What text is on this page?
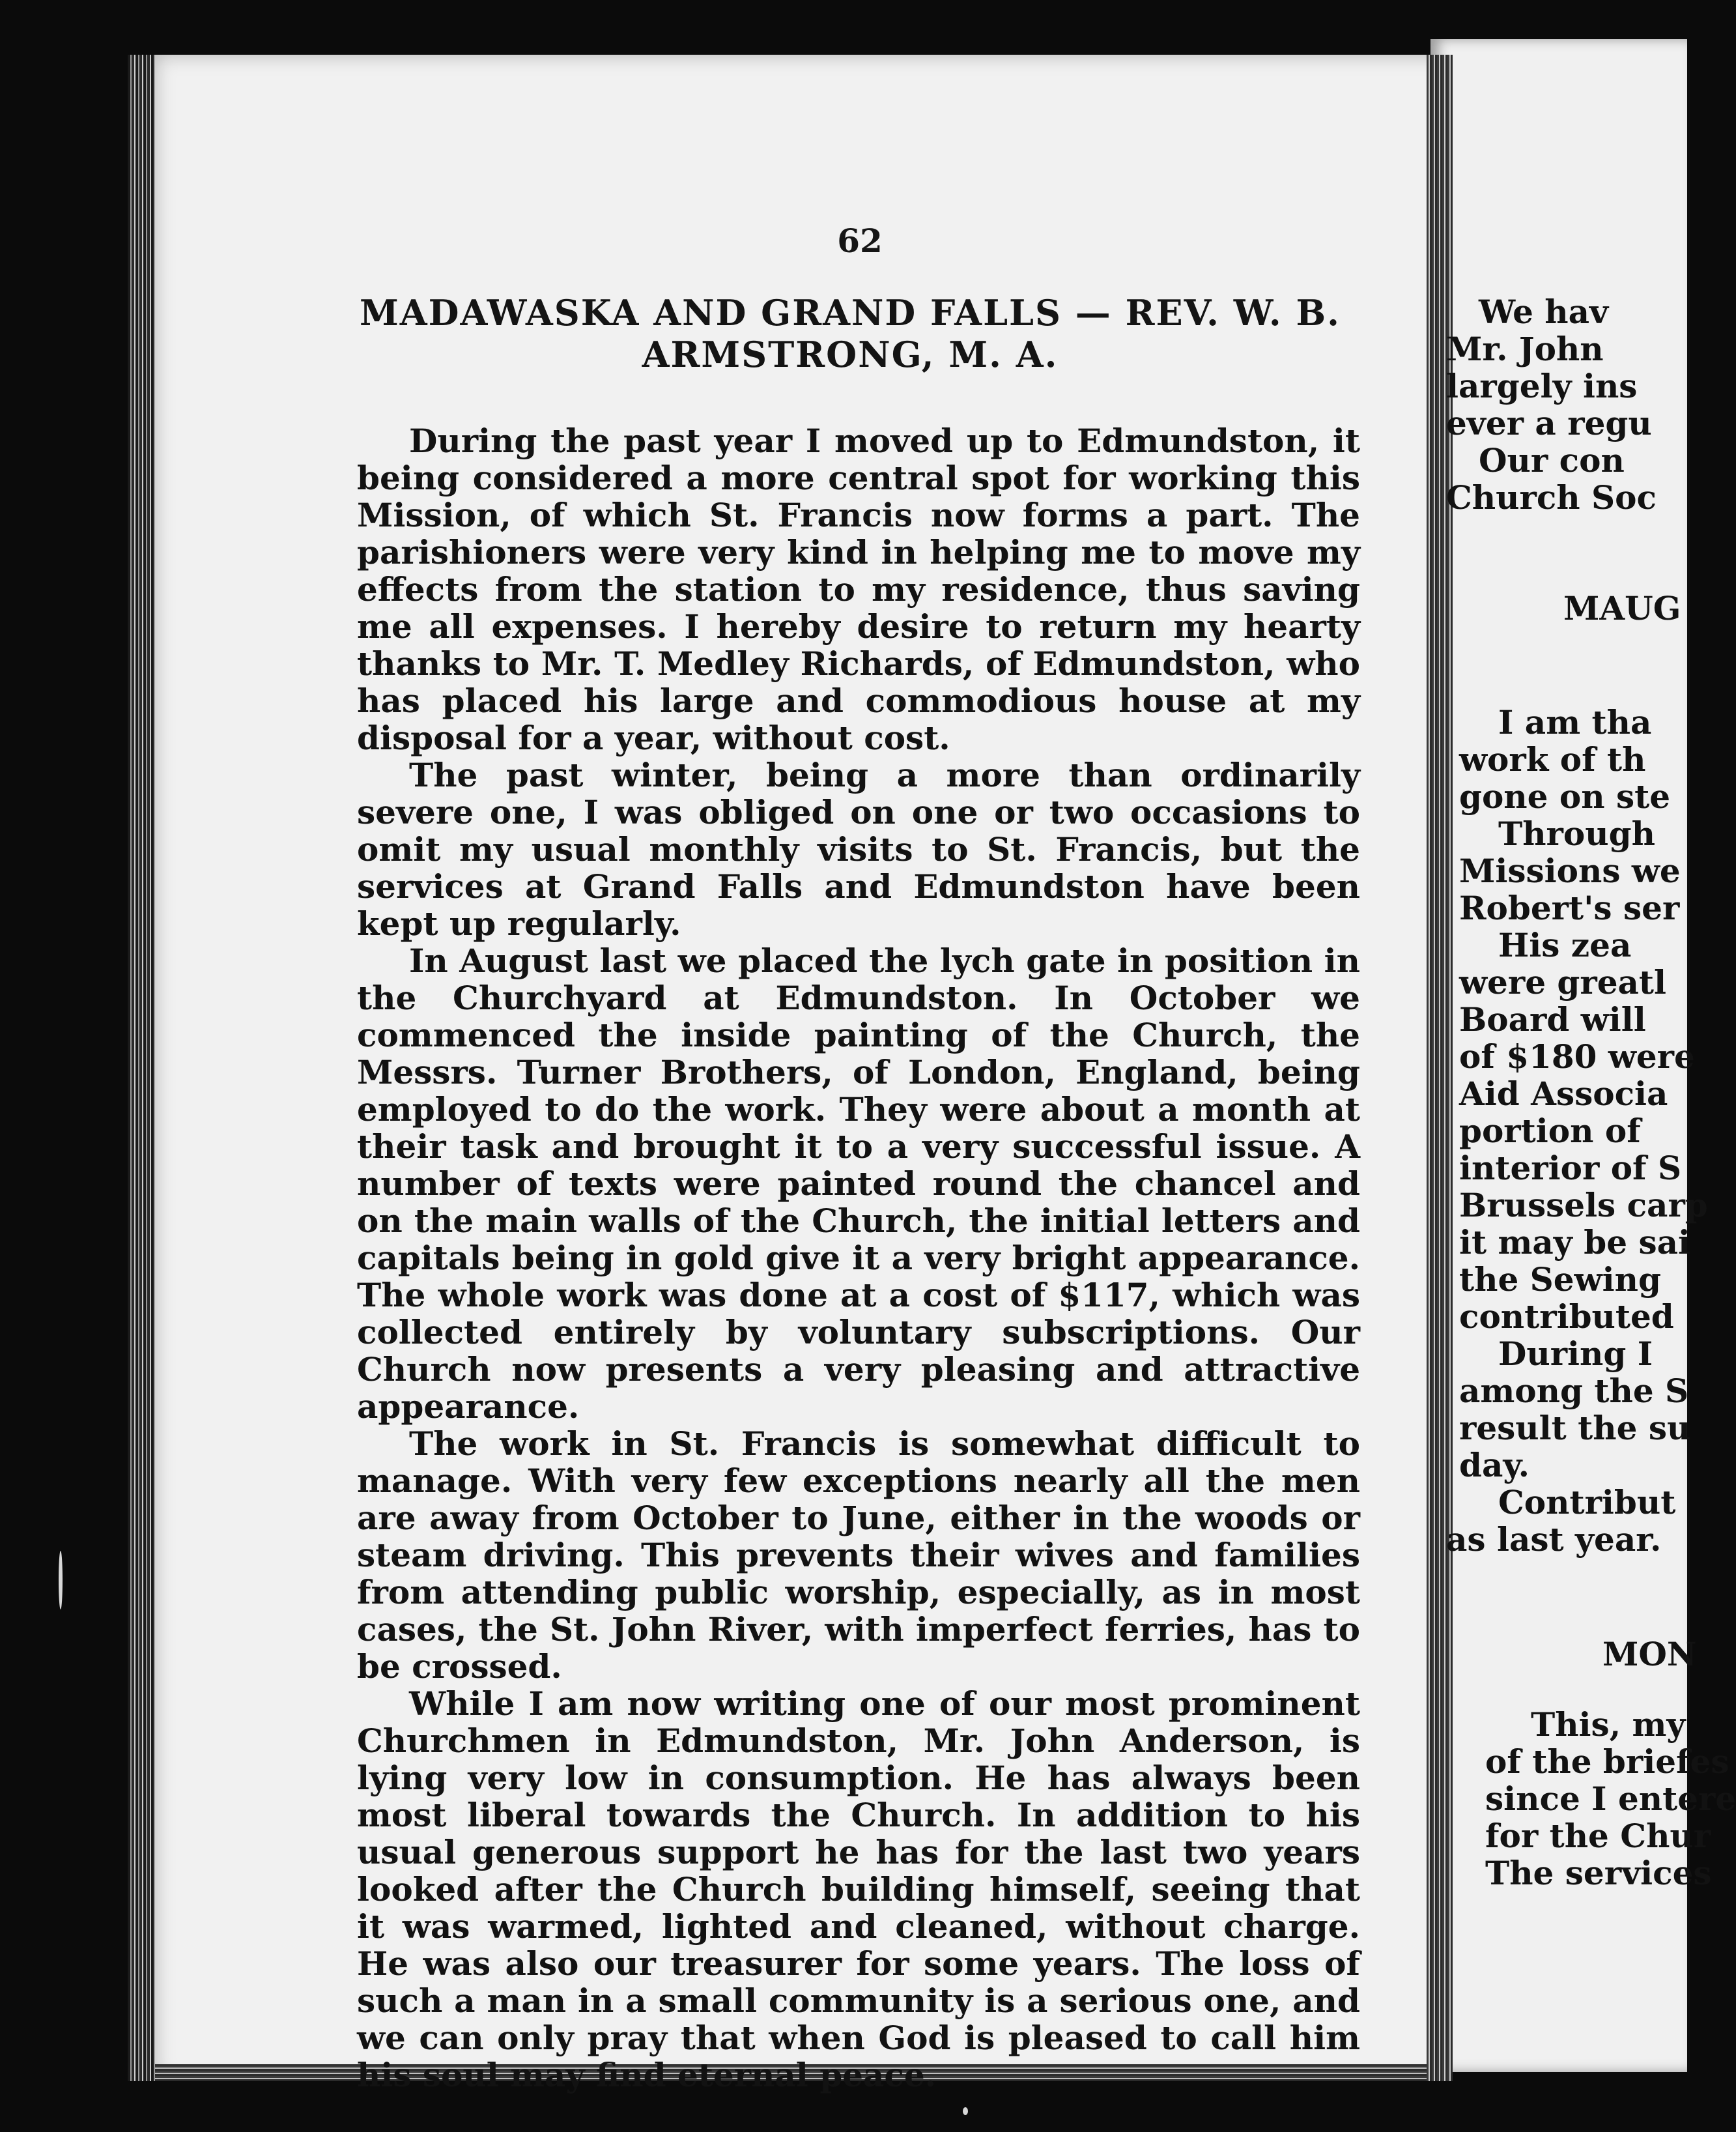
62
MADAWASKA AND GRAND FALLS — REV. W. B.
ARMSTRONG, M. A.

During the past year I moved up to Edmundston, it being considered a more central spot for working this Mission, of which St. Francis now forms a part. The parishioners were very kind in helping me to move my effects from the station to my residence, thus saving me all expenses. I hereby desire to return my hearty thanks to Mr. T. Medley Richards, of Edmundston, who has placed his large and commodious house at my disposal for a year, without cost.

The past winter, being a more than ordinarily severe one, I was obliged on one or two occasions to omit my usual monthly visits to St. Francis, but the services at Grand Falls and Edmundston have been kept up regularly.

In August last we placed the lych gate in position in the Churchyard at Edmundston. In October we commenced the inside painting of the Church, the Messrs. Turner Brothers, of London, England, being employed to do the work. They were about a month at their task and brought it to a very successful issue. A number of texts were painted round the chancel and on the main walls of the Church, the initial letters and capitals being in gold give it a very bright appearance. The whole work was done at a cost of $117, which was collected entirely by voluntary subscriptions. Our Church now presents a very pleasing and attractive appearance.

The work in St. Francis is somewhat difficult to manage. With very few exceptions nearly all the men are away from October to June, either in the woods or steam driving. This prevents their wives and families from attending public worship, especially, as in most cases, the St. John River, with imperfect ferries, has to be crossed.

While I am now writing one of our most prominent Churchmen in Edmundston, Mr. John Anderson, is lying very low in consumption. He has always been most liberal towards the Church. In addition to his usual generous support he has for the last two years looked after the Church building himself, seeing that it was warmed, lighted and cleaned, without charge. He was also our treasurer for some years. The loss of such a man in a small community is a serious one, and we can only pray that when God is pleased to call him his soul may find eternal peace.

We hav
Mr. John
largely ins
ever a regu
Our con
Church Soc
MAUG
I am tha
work of th
gone on ste
Through
Missions we
Robert's ser
His zea
were greatl
Board will
of $180 were
Aid Associa
portion of
interior of S
Brussels carp
it may be sai
the Sewing
contributed
During I
among the S
result the su
day.
Contribut
as last year.
MON
This, my
of the briefes
since I entere
for the Chur
The services
